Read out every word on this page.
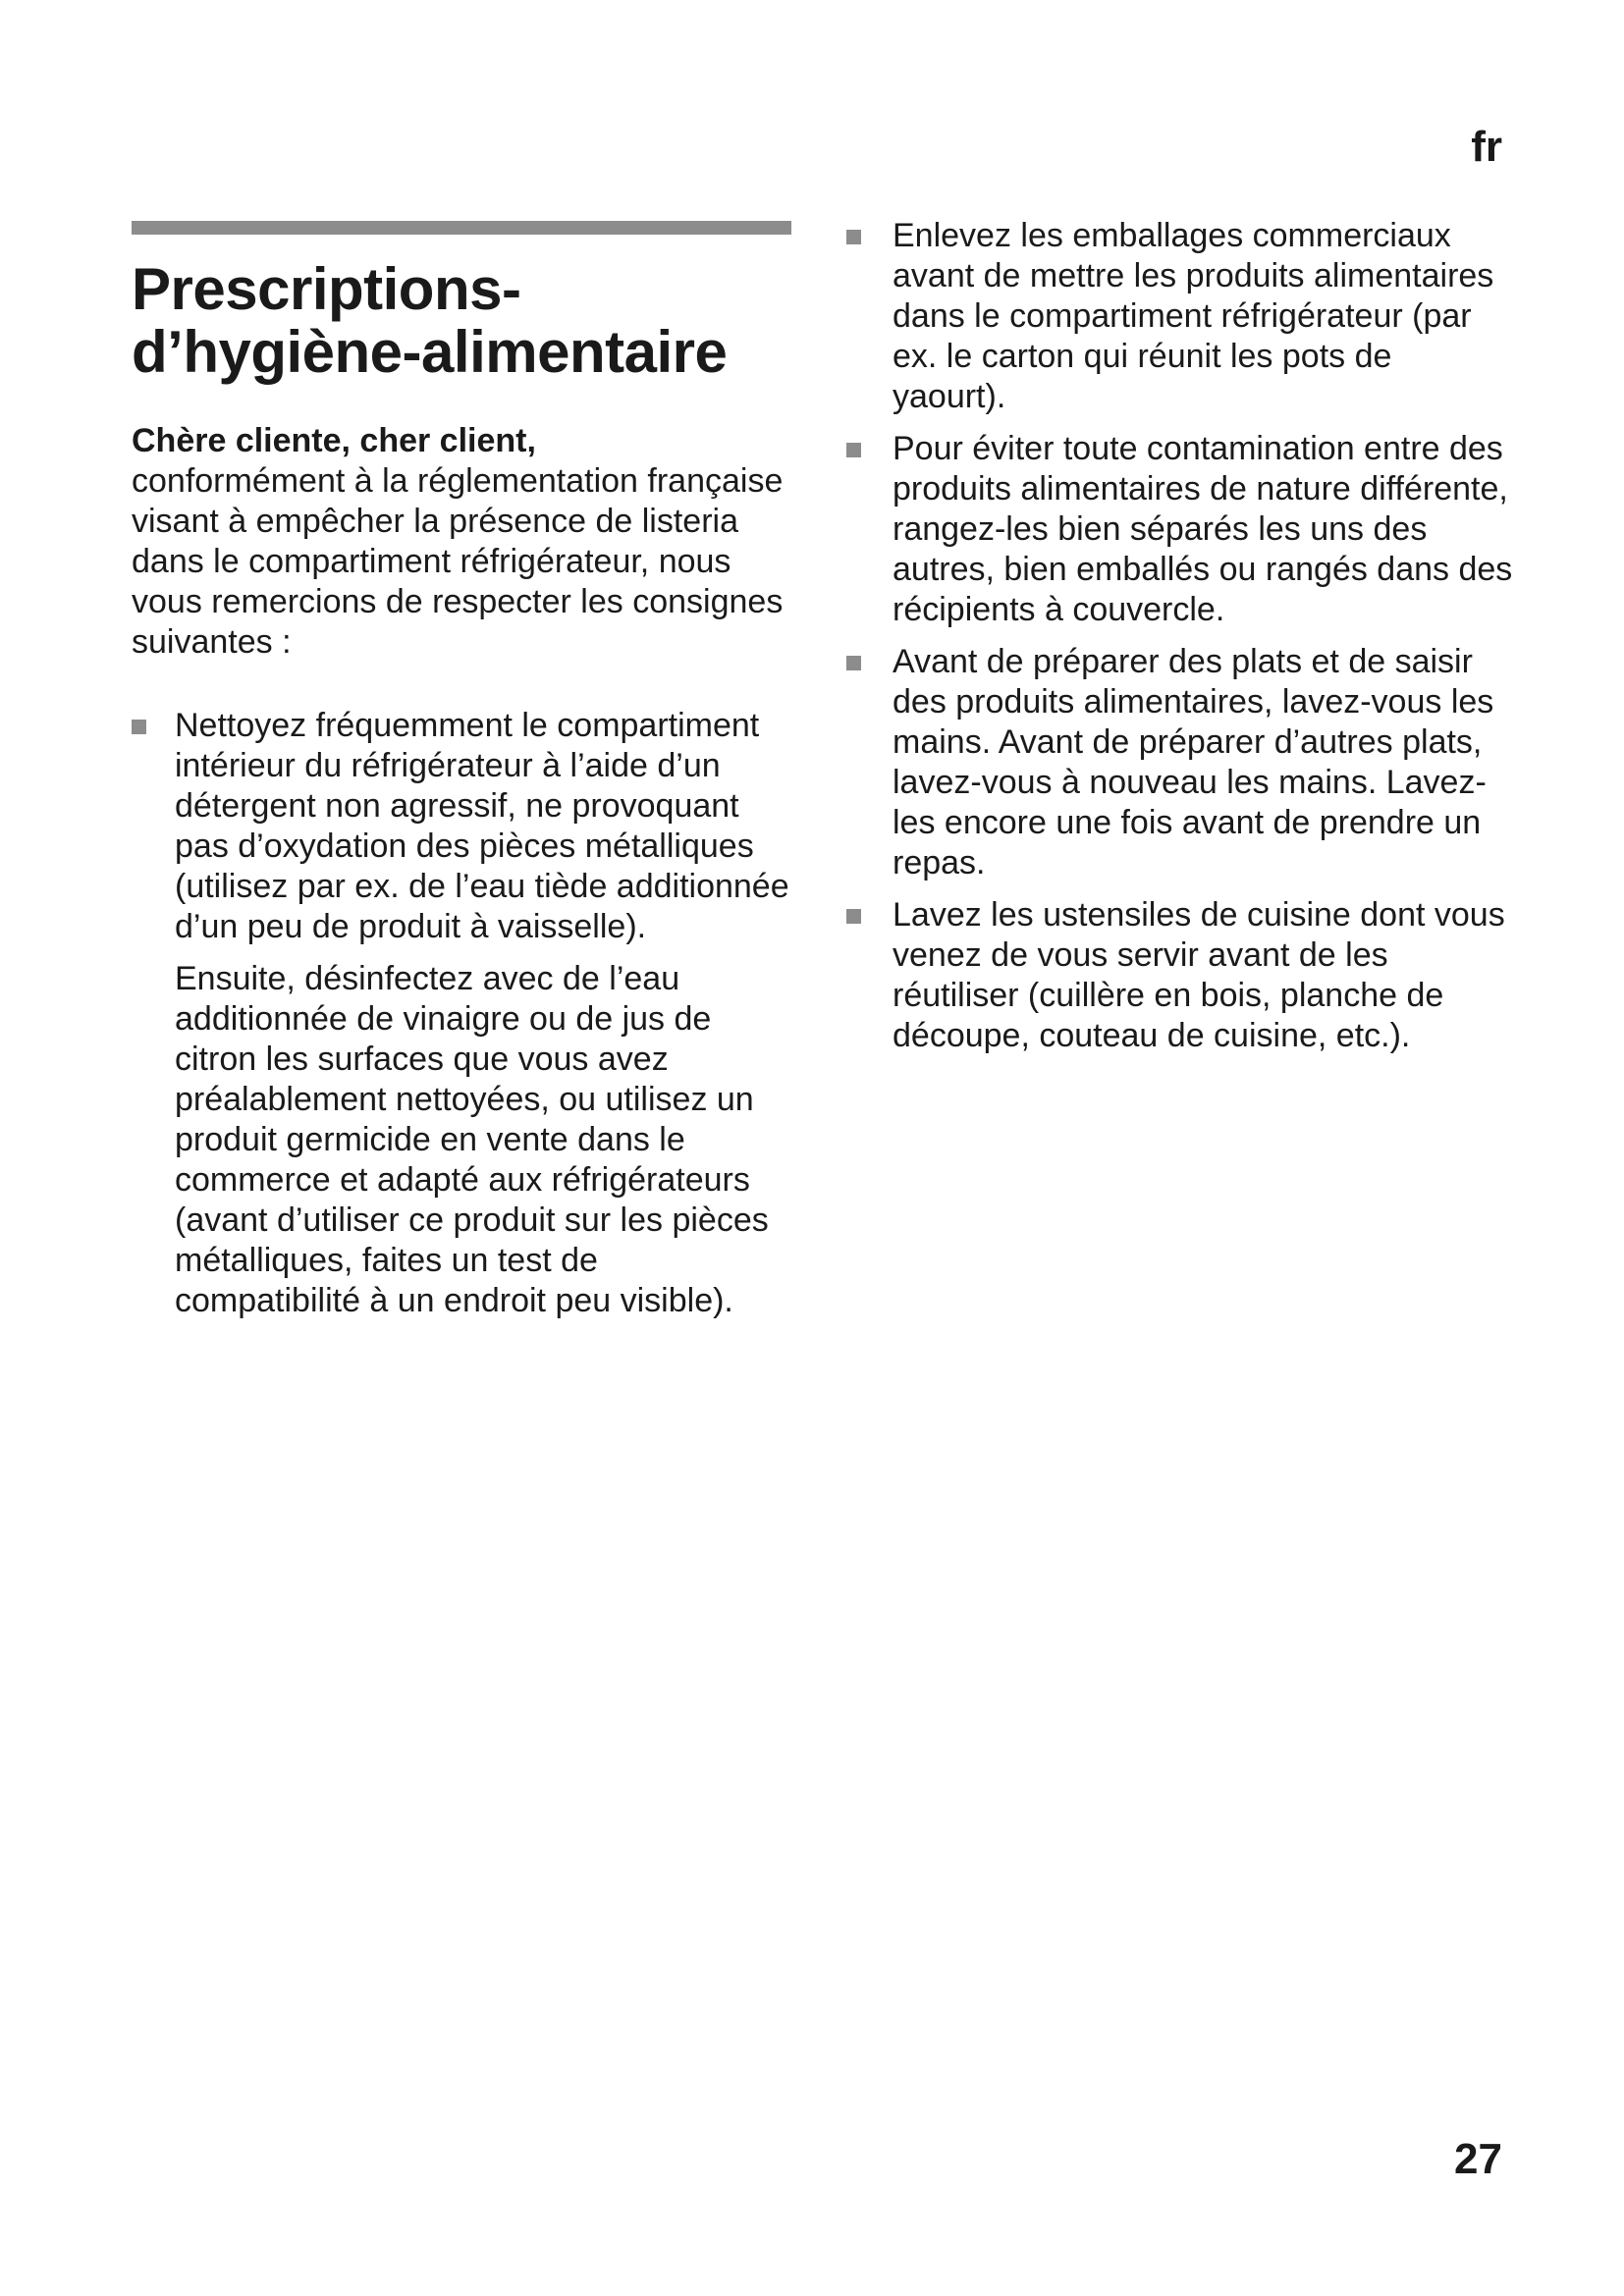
fr
Prescriptions-
d’hygiène-alimentaire
Chère cliente, cher client,
conformément à la réglementation française visant à empêcher la présence de listeria dans le compartiment réfrigérateur, nous vous remercions de respecter les consignes suivantes :

Nettoyez fréquemment le compartiment intérieur du réfrigérateur à l’aide d’un détergent non agressif, ne provoquant pas d’oxydation des pièces métalliques (utilisez par ex. de l’eau tiède additionnée d’un peu de produit à vaisselle).

Ensuite, désinfectez avec de l’eau additionnée de vinaigre ou de jus de citron les surfaces que vous avez préalablement nettoyées, ou utilisez un produit germicide en vente dans le commerce et adapté aux réfrigérateurs (avant d’utiliser ce produit sur les pièces métalliques, faites un test de compatibilité à un endroit peu visible).

Enlevez les emballages commerciaux avant de mettre les produits alimentaires dans le compartiment réfrigérateur (par ex. le carton qui réunit les pots de yaourt).

Pour éviter toute contamination entre des produits alimentaires de nature différente, rangez-les bien séparés les uns des autres, bien emballés ou rangés dans des récipients à couvercle.

Avant de préparer des plats et de saisir des produits alimentaires, lavez-vous les mains. Avant de préparer d’autres plats, lavez-vous à nouveau les mains. Lavez-les encore une fois avant de prendre un repas.

Lavez les ustensiles de cuisine dont vous venez de vous servir avant de les réutiliser (cuillère en bois, planche de découpe, couteau de cuisine, etc.).

27
